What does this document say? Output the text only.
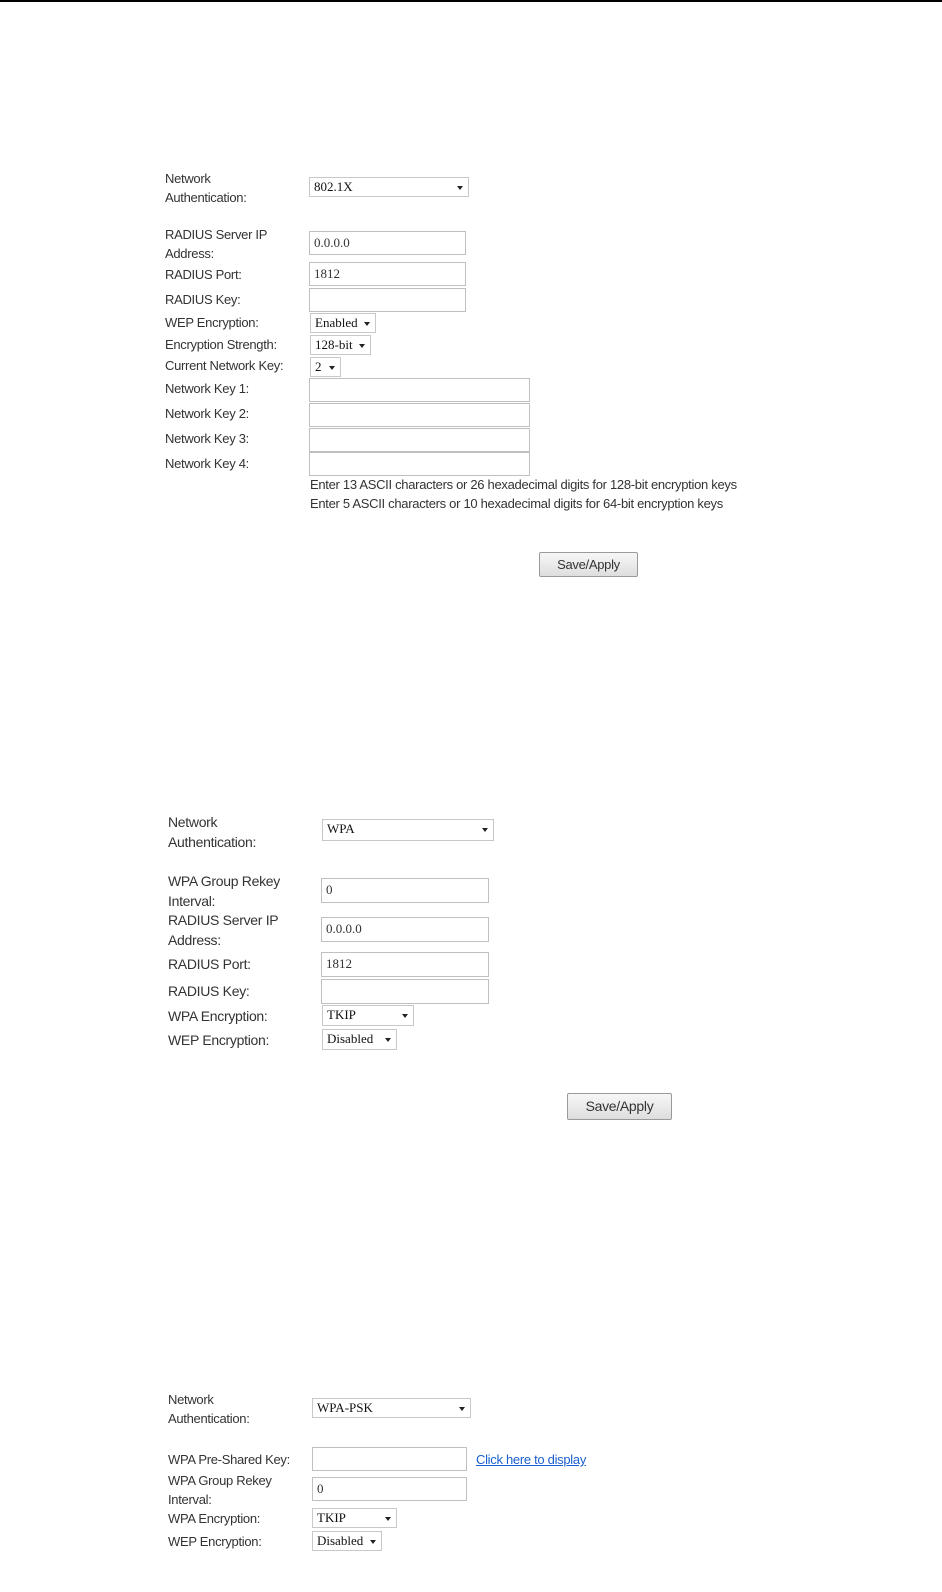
Network
Authentication:
802.1X
RADIUS Server IP
Address:
0.0.0.0
RADIUS Port:	1812
RADIUS Key:
WEP Encryption:	Enabled
Encryption Strength:	128-bit
Current Network Key:	2
Network Key 1:
Network Key 2:
Network Key 3:
Network Key 4:
Enter 13 ASCII characters or 26 hexadecimal digits for 128-bit encryption keys
Enter 5 ASCII characters or 10 hexadecimal digits for 64-bit encryption keys
Save/Apply
Network
Authentication:
WPA
WPA Group Rekey
Interval:
0
RADIUS Server IP
Address:
0.0.0.0
RADIUS Port:	1812
RADIUS Key:
WPA Encryption:	TKIP
WEP Encryption:	Disabled
Save/Apply
Network
Authentication:
WPA-PSK
WPA Pre-Shared Key:	Click here to display
WPA Group Rekey
Interval:
0
WPA Encryption:	TKIP
WEP Encryption:	Disabled
